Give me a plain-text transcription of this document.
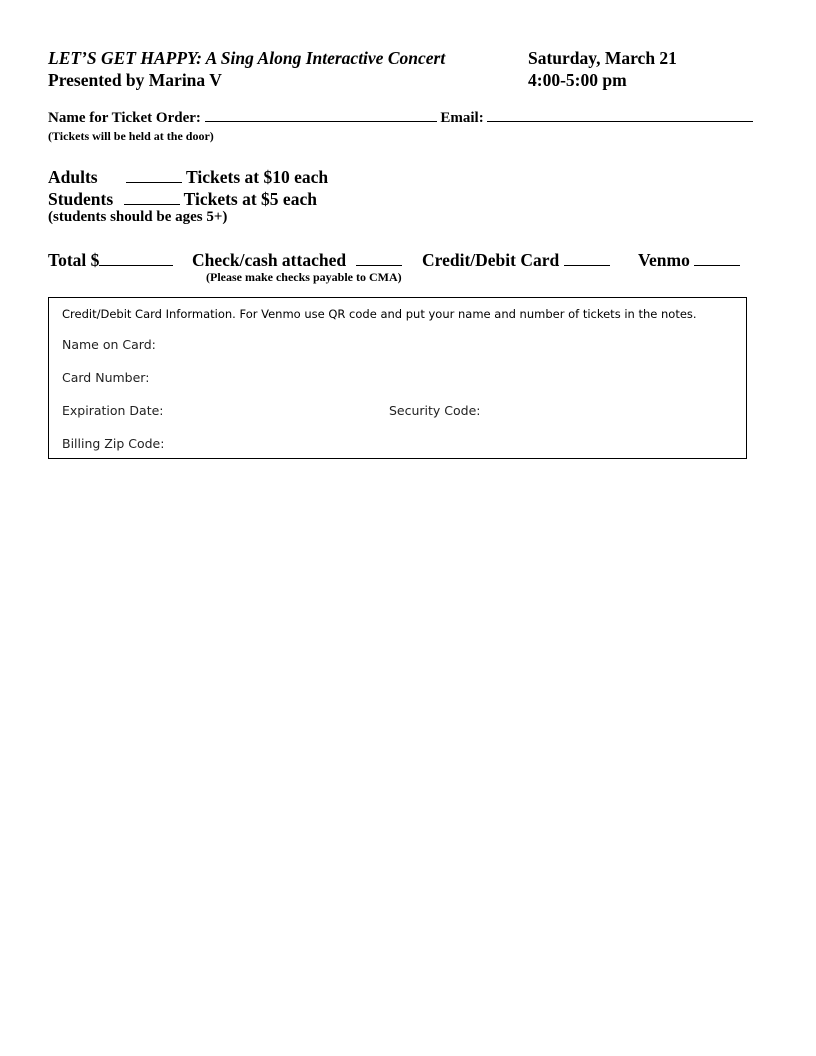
LET’S GET HAPPY: A Sing Along Interactive Concert
Presented by Marina V
Saturday, March 21
4:00-5:00 pm
Name for Ticket Order:	Email:
(Tickets will be held at the door)
Adults	Tickets at $10 each
Students	Tickets at $5 each
(students should be ages 5+)
Total $	Check/cash attached	Credit/Debit Card	Venmo
(Please make checks payable to CMA)
Credit/Debit Card Information. For Venmo use QR code and put your name and number of tickets in the notes.
Name on Card:
Card Number:
Expiration Date:	Security Code:
Billing Zip Code:
